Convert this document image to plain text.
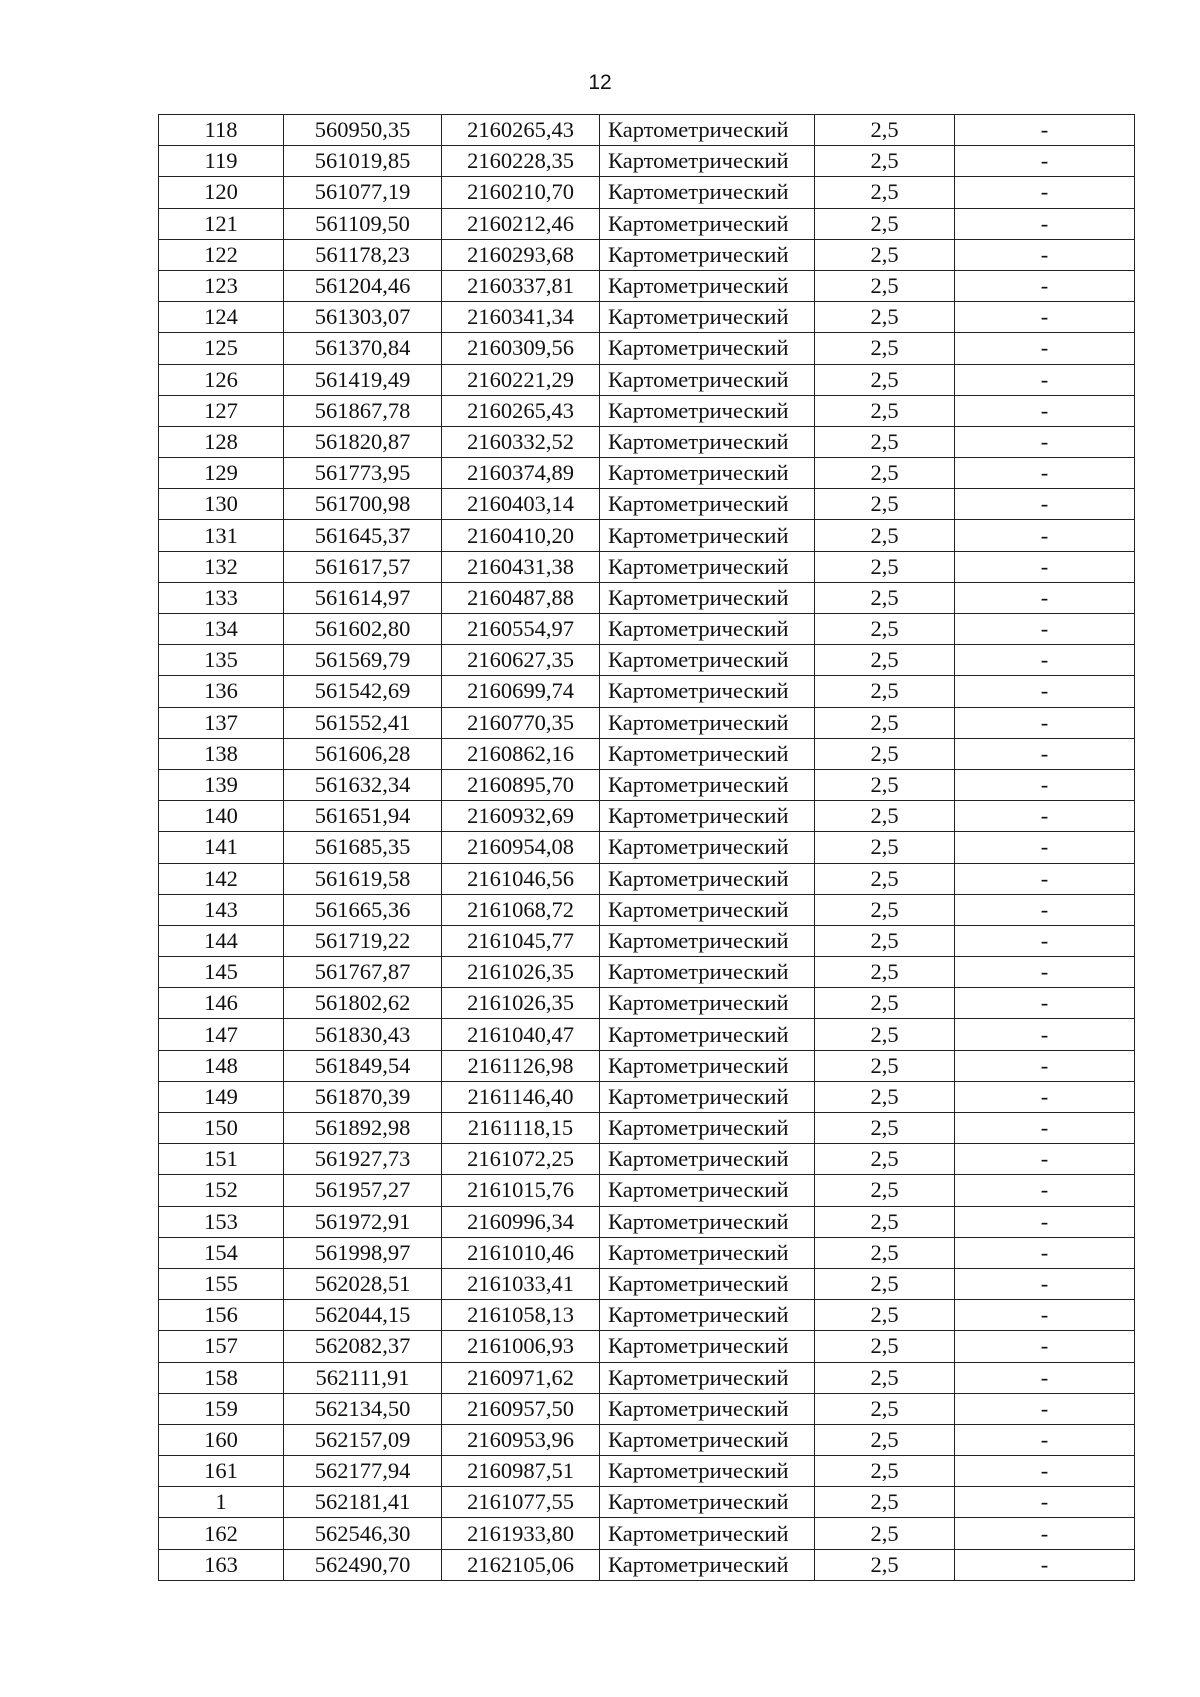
12
118	560950,35	2160265,43	Картометрический	2,5	-
119	561019,85	2160228,35	Картометрический	2,5	-
120	561077,19	2160210,70	Картометрический	2,5	-
121	561109,50	2160212,46	Картометрический	2,5	-
122	561178,23	2160293,68	Картометрический	2,5	-
123	561204,46	2160337,81	Картометрический	2,5	-
124	561303,07	2160341,34	Картометрический	2,5	-
125	561370,84	2160309,56	Картометрический	2,5	-
126	561419,49	2160221,29	Картометрический	2,5	-
127	561867,78	2160265,43	Картометрический	2,5	-
128	561820,87	2160332,52	Картометрический	2,5	-
129	561773,95	2160374,89	Картометрический	2,5	-
130	561700,98	2160403,14	Картометрический	2,5	-
131	561645,37	2160410,20	Картометрический	2,5	-
132	561617,57	2160431,38	Картометрический	2,5	-
133	561614,97	2160487,88	Картометрический	2,5	-
134	561602,80	2160554,97	Картометрический	2,5	-
135	561569,79	2160627,35	Картометрический	2,5	-
136	561542,69	2160699,74	Картометрический	2,5	-
137	561552,41	2160770,35	Картометрический	2,5	-
138	561606,28	2160862,16	Картометрический	2,5	-
139	561632,34	2160895,70	Картометрический	2,5	-
140	561651,94	2160932,69	Картометрический	2,5	-
141	561685,35	2160954,08	Картометрический	2,5	-
142	561619,58	2161046,56	Картометрический	2,5	-
143	561665,36	2161068,72	Картометрический	2,5	-
144	561719,22	2161045,77	Картометрический	2,5	-
145	561767,87	2161026,35	Картометрический	2,5	-
146	561802,62	2161026,35	Картометрический	2,5	-
147	561830,43	2161040,47	Картометрический	2,5	-
148	561849,54	2161126,98	Картометрический	2,5	-
149	561870,39	2161146,40	Картометрический	2,5	-
150	561892,98	2161118,15	Картометрический	2,5	-
151	561927,73	2161072,25	Картометрический	2,5	-
152	561957,27	2161015,76	Картометрический	2,5	-
153	561972,91	2160996,34	Картометрический	2,5	-
154	561998,97	2161010,46	Картометрический	2,5	-
155	562028,51	2161033,41	Картометрический	2,5	-
156	562044,15	2161058,13	Картометрический	2,5	-
157	562082,37	2161006,93	Картометрический	2,5	-
158	562111,91	2160971,62	Картометрический	2,5	-
159	562134,50	2160957,50	Картометрический	2,5	-
160	562157,09	2160953,96	Картометрический	2,5	-
161	562177,94	2160987,51	Картометрический	2,5	-
1	562181,41	2161077,55	Картометрический	2,5	-
162	562546,30	2161933,80	Картометрический	2,5	-
163	562490,70	2162105,06	Картометрический	2,5	-
